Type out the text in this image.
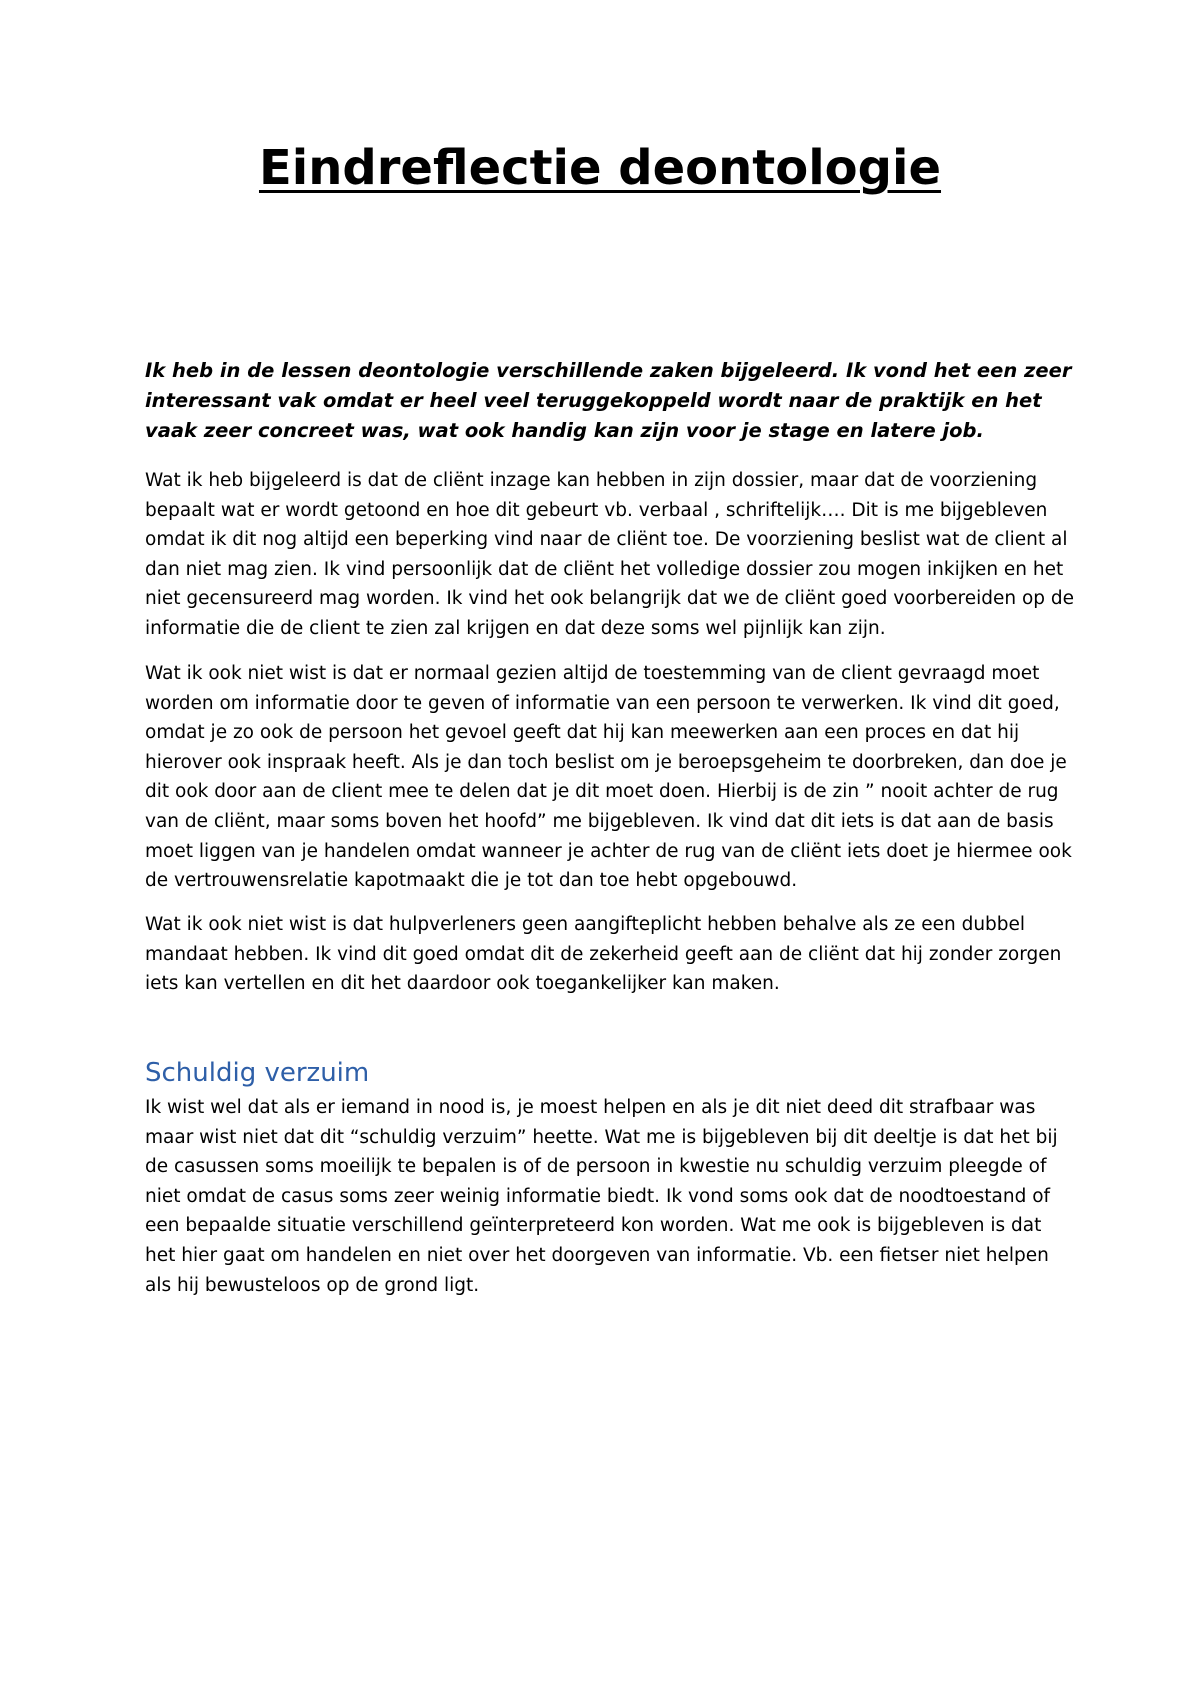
Eindreflectie deontologie

Ik heb in de lessen deontologie verschillende zaken bijgeleerd. Ik vond het een zeer interessant vak omdat er heel veel teruggekoppeld wordt naar de praktijk en het vaak zeer concreet was, wat ook handig kan zijn voor je stage en latere job.

Wat ik heb bijgeleerd is dat de cliënt inzage kan hebben in zijn dossier, maar dat de voorziening bepaalt wat er wordt getoond en hoe dit gebeurt vb. verbaal , schriftelijk…. Dit is me bijgebleven omdat ik dit nog altijd een beperking vind naar de cliënt toe. De voorziening beslist wat de client al dan niet mag zien. Ik vind persoonlijk dat de cliënt het volledige dossier zou mogen inkijken en het niet gecensureerd mag worden. Ik vind het ook belangrijk dat we de cliënt goed voorbereiden op de informatie die de client te zien zal krijgen en dat deze soms wel pijnlijk kan zijn.

Wat ik ook niet wist is dat er normaal gezien altijd de toestemming van de client gevraagd moet worden om informatie door te geven of informatie van een persoon te verwerken. Ik vind dit goed, omdat je zo ook de persoon het gevoel geeft dat hij kan meewerken aan een proces en dat hij hierover ook inspraak heeft. Als je dan toch beslist om je beroepsgeheim te doorbreken, dan doe je dit ook door aan de client mee te delen dat je dit moet doen. Hierbij is de zin ” nooit achter de rug van de cliënt, maar soms boven het hoofd” me bijgebleven. Ik vind dat dit iets is dat aan de basis moet liggen van je handelen omdat wanneer je achter de rug van de cliënt iets doet je hiermee ook de vertrouwensrelatie kapotmaakt die je tot dan toe hebt opgebouwd.

Wat ik ook niet wist is dat hulpverleners geen aangifteplicht hebben behalve als ze een dubbel mandaat hebben. Ik vind dit goed omdat dit de zekerheid geeft aan de cliënt dat hij zonder zorgen iets kan vertellen en dit het daardoor ook toegankelijker kan maken.

Schuldig verzuim

Ik wist wel dat als er iemand in nood is, je moest helpen en als je dit niet deed dit strafbaar was maar wist niet dat dit “schuldig verzuim” heette. Wat me is bijgebleven bij dit deeltje is dat het bij de casussen soms moeilijk te bepalen is of de persoon in kwestie nu schuldig verzuim pleegde of niet omdat de casus soms zeer weinig informatie biedt. Ik vond soms ook dat de noodtoestand of een bepaalde situatie verschillend geïnterpreteerd kon worden. Wat me ook is bijgebleven is dat het hier gaat om handelen en niet over het doorgeven van informatie. Vb. een fietser niet helpen als hij bewusteloos op de grond ligt.
